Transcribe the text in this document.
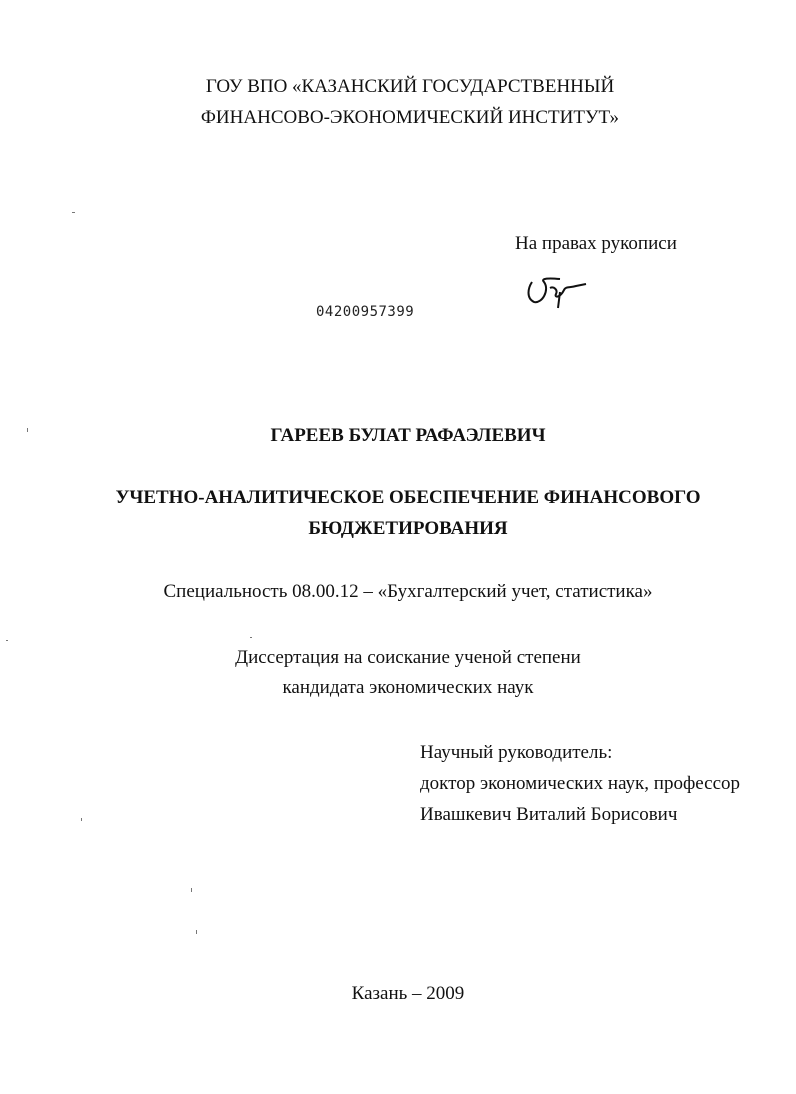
ГОУ ВПО «КАЗАНСКИЙ ГОСУДАРСТВЕННЫЙ
ФИНАНСОВО-ЭКОНОМИЧЕСКИЙ ИНСТИТУТ»
На правах рукописи
04200957399
ГАРЕЕВ БУЛАТ РАФАЭЛЕВИЧ
УЧЕТНО-АНАЛИТИЧЕСКОЕ ОБЕСПЕЧЕНИЕ ФИНАНСОВОГО
БЮДЖЕТИРОВАНИЯ
Специальность 08.00.12 – «Бухгалтерский учет, статистика»
Диссертация на соискание ученой степени
кандидата экономических наук
Научный руководитель:
доктор экономических наук, профессор
Ивашкевич Виталий Борисович
Казань – 2009
